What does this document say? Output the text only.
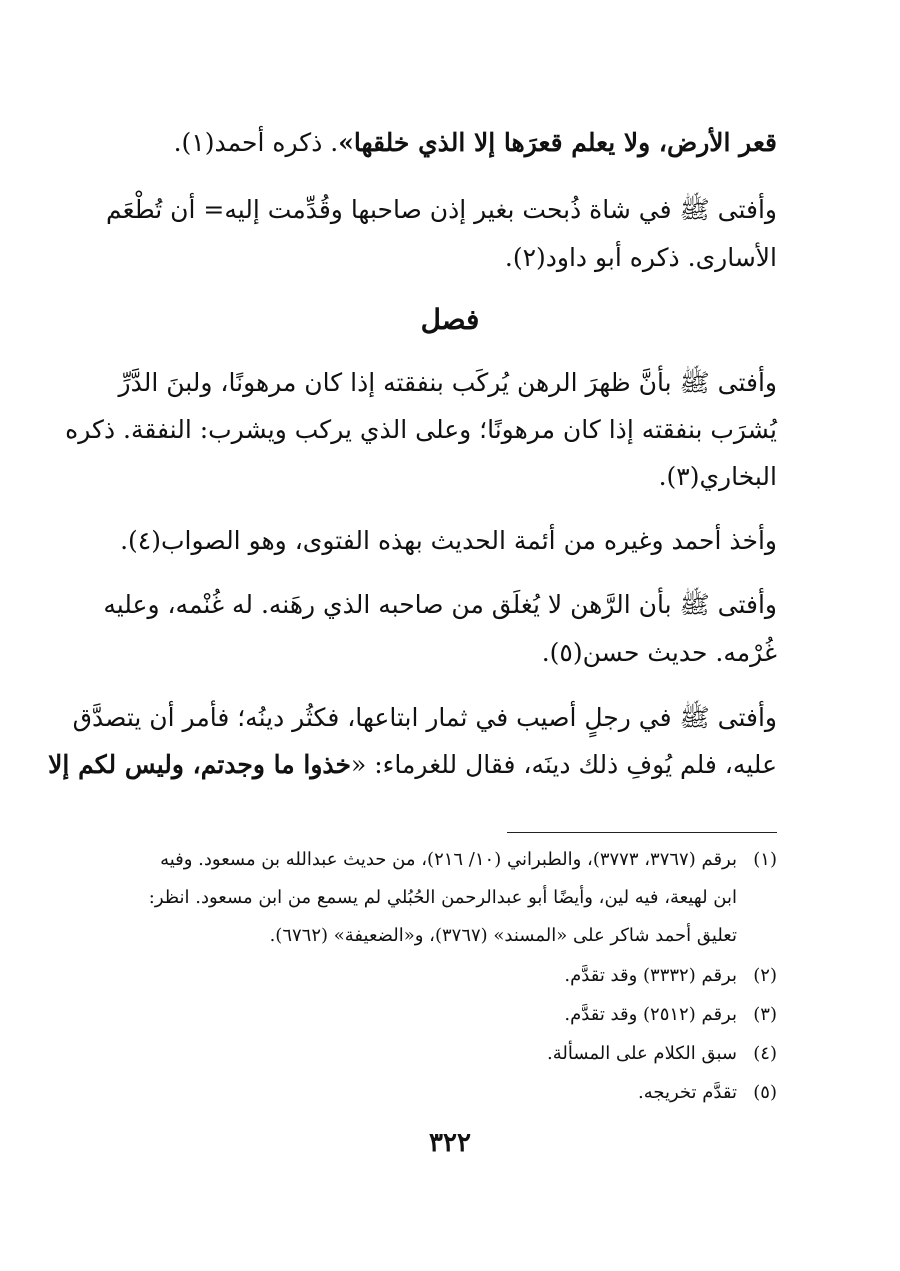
قعر الأرض، ولا يعلم قعرَها إلا الذي خلقها». ذكره أحمد(١).
وأفتى ﷺ في شاة ذُبحت بغير إذن صاحبها وقُدِّمت إليه= أن تُطْعَم
الأسارى. ذكره أبو داود(٢).
فصل
وأفتى ﷺ بأنَّ ظهرَ الرهن يُركَب بنفقته إذا كان مرهونًا، ولبنَ الدَّرِّ
يُشرَب بنفقته إذا كان مرهونًا؛ وعلى الذي يركب ويشرب: النفقة. ذكره
البخاري(٣).
وأخذ أحمد وغيره من أئمة الحديث بهذه الفتوى، وهو الصواب(٤).
وأفتى ﷺ بأن الرَّهن لا يُغلَق من صاحبه الذي رهَنه. له غُنْمه، وعليه
غُرْمه. حديث حسن(٥).
وأفتى ﷺ في رجلٍ أصيب في ثمار ابتاعها، فكثُر دينُه؛ فأمر أن يتصدَّق
عليه، فلم يُوفِ ذلك دينَه، فقال للغرماء: «خذوا ما وجدتم، وليس لكم إلا
(١)برقم (٣٧٦٧، ٣٧٧٣)، والطبراني (١٠/ ٢١٦)، من حديث عبدالله بن مسعود. وفيه
ابن لهيعة، فيه لين، وأيضًا أبو عبدالرحمن الحُبُلي لم يسمع من ابن مسعود. انظر:
تعليق أحمد شاكر على «المسند» (٣٧٦٧)، و«الضعيفة» (٦٧٦٢).
(٢)برقم (٣٣٣٢) وقد تقدَّم.
(٣)برقم (٢٥١٢) وقد تقدَّم.
(٤)سبق الكلام على المسألة.
(٥)تقدَّم تخريجه.
٣٢٢
